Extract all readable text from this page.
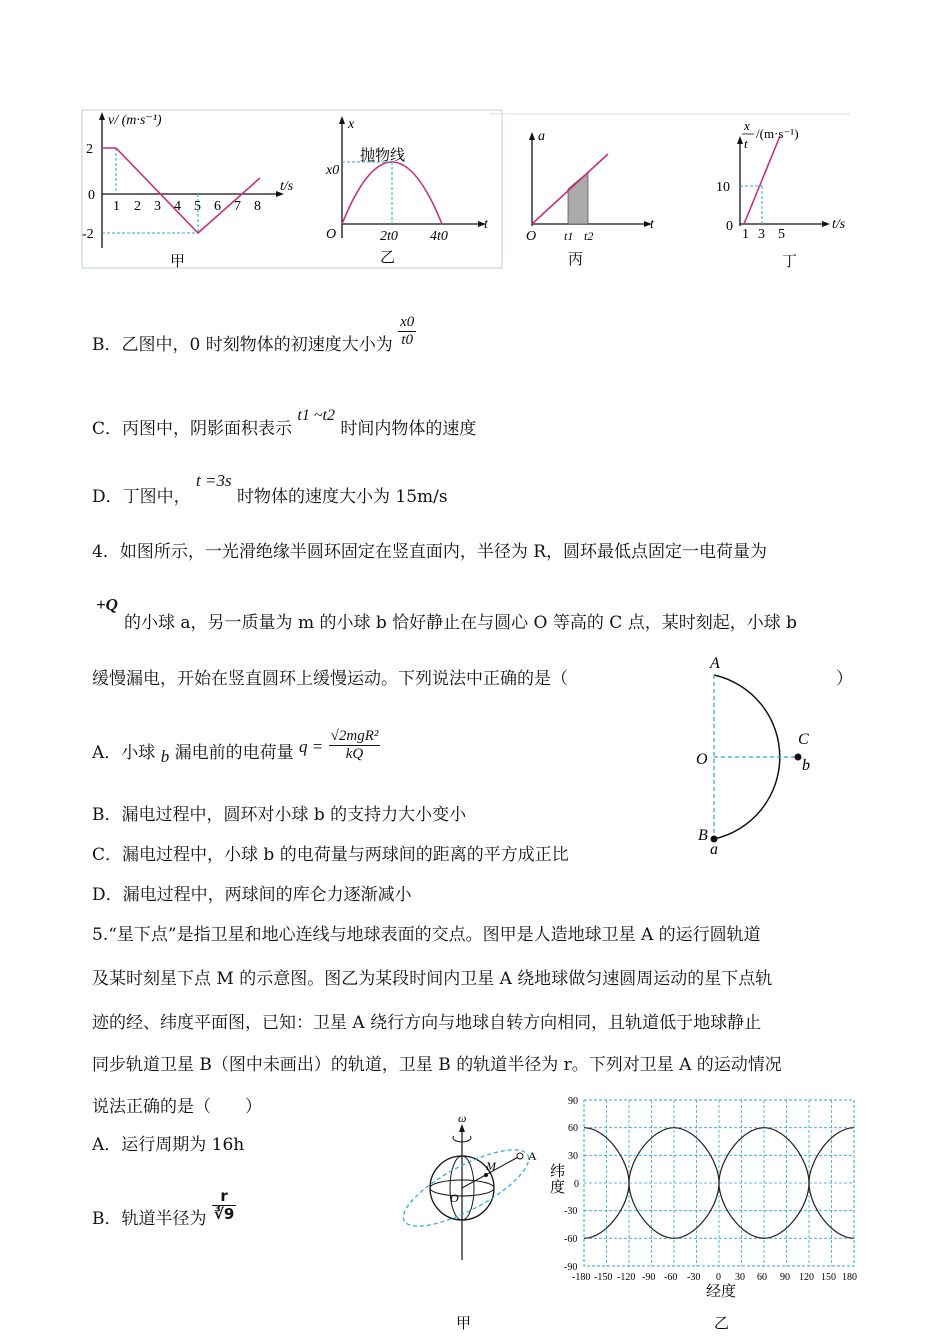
v/ (m·s⁻¹)
t/s
2
0
-2
1 2 3 4 5 6 7 8
甲
x
t
抛物线
x0
O	2t0 4t0
乙
a
t
O t1 t2
丙
x
t
/(m·s⁻¹)
t/s
10
0
1 3 5
丁
B．乙图中，0 时刻物体的初速度大小为 $\frac{x0}{t0}$
C．丙图中，阴影面积表示 t1 ~t2 时间内物体的速度
D．丁图中， t =3s 时物体的速度大小为 15m/s
4．如图所示，一光滑绝缘半圆环固定在竖直面内，半径为 R，圆环最低点固定一电荷量为
+Q
的小球 a，另一质量为 m 的小球 b 恰好静止在与圆心 O 等高的 C 点，某时刻起，小球 b
缓慢漏电，开始在竖直圆环上缓慢运动。下列说法中正确的是（	）
A．小球 b 漏电前的电荷量 $q = \frac{\text{√2mgR²}}{kQ}$
B．漏电过程中，圆环对小球 b 的支持力大小变小
C．漏电过程中，小球 b 的电荷量与两球间的距离的平方成正比
D．漏电过程中，两球间的库仑力逐渐减小
A
C
O	b
B
a
5.“星下点”是指卫星和地心连线与地球表面的交点。图甲是人造地球卫星 A 的运行圆轨道
及某时刻星下点 M 的示意图。图乙为某段时间内卫星 A 绕地球做匀速圆周运动的星下点轨
迹的经、纬度平面图，已知：卫星 A 绕行方向与地球自转方向相同，且轨道低于地球静止
同步轨道卫星 B（图中未画出）的轨道，卫星 B 的轨道半径为 r。下列对卫星 A 的运动情况
说法正确的是（　　）
A．运行周期为 16h
B．轨道半径为 $\frac{r}{∛9}$
ω
M
O
A
甲
90
60
30
0
-30
-60
-90
-180 -150 -120 -90 -60 -30 0 30 60 90 120 150 180
纬
度
经度
乙
